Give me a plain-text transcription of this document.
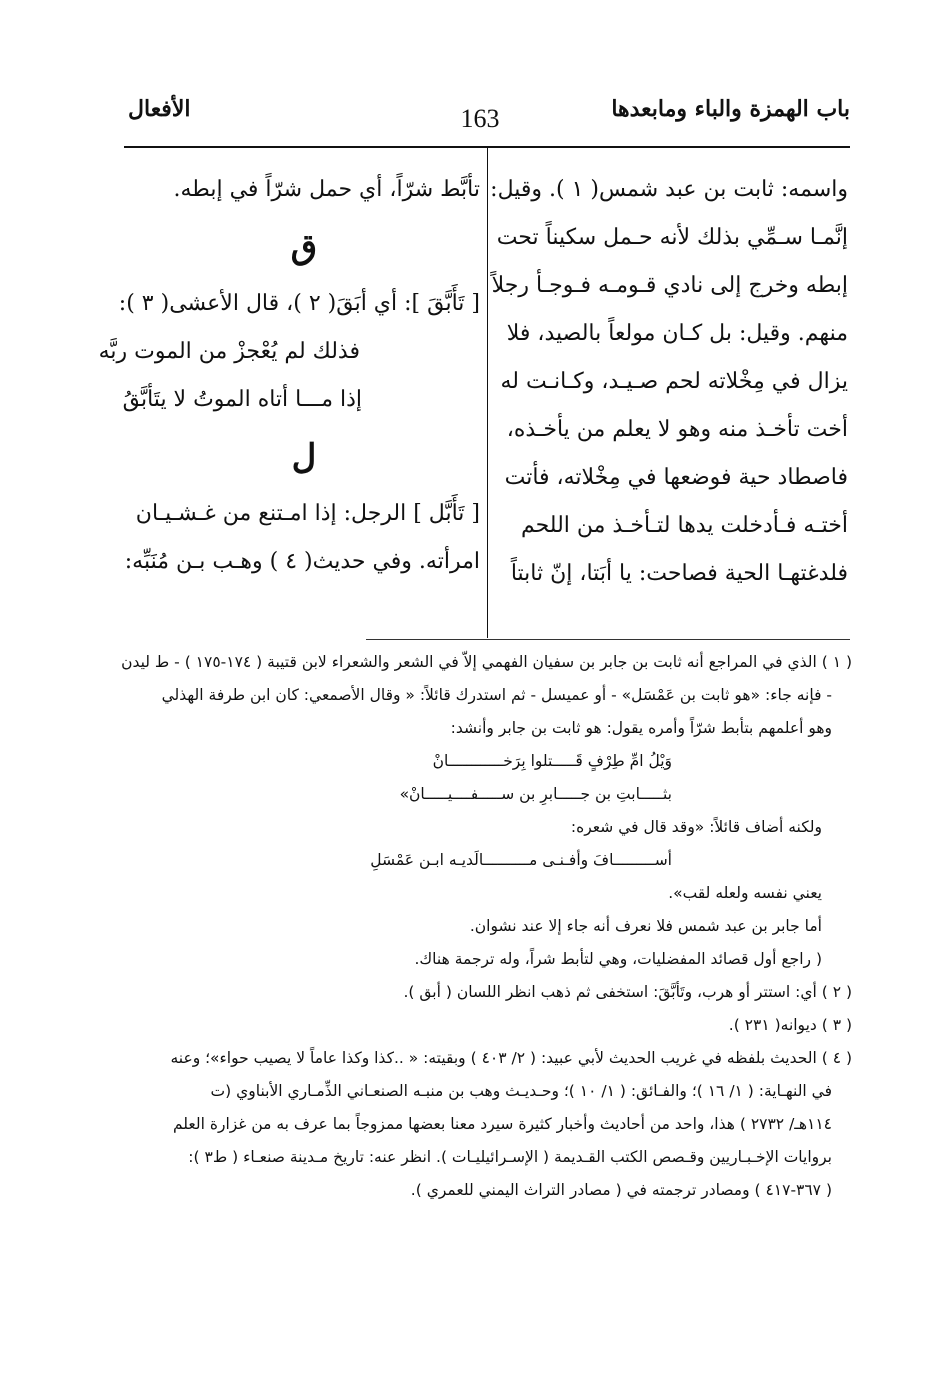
باب الهمزة والباء ومابعدها
163
الأفعال
واسمه: ثابت بن عبد شمس( ١ ). وقيل:
إنَّمـا سـمِّي بذلك لأنه حـمل سكيناً تحت
إبطه وخرج إلى نادي قـومـه فـوجـأ رجلاً
منهم. وقيل: بل كـان مولعاً بالصيد، فلا
يزال في مِخْلاته لحم صـيـد، وكـانـت له
أخت تأخـذ منه وهو لا يعلم من يأخـذه،
فاصطاد حية فوضعها في مِخْلاته، فأتت
أختـه فـأدخلت يدها لتـأخـذ من اللحم
فلدغتهـا الحية فصاحت: يا أبَتا، إنّ ثابتاً
تأبَّط شرّاً، أي حمل شرّاً في إبطه.
ق
[ تَأَبَّقَ ]: أي أبَقَ( ٢ )، قال الأعشى( ٣ ):
فذلك لم يُعْجزْ من الموت ربَّه
إذا مـــا أتاه الموتُ لا يتَأبَّقُ
ل
[ تَأَبَّل ] الرجل: إذا امـتنع من غـشـيـان
امرأته. وفي حديث( ٤ ) وهـب بـن مُنَبِّه:
( ١ ) الذي في المراجع أنه ثابت بن جابر بن سفيان الفهمي إلاّ في الشعر والشعراء لابن قتيبة ( ١٧٤-١٧٥ ) - ط ليدن
- فإنه جاء: «هو ثابت بن عَمْسَل» - أو عميسل - ثم استدرك قائلاً: « وقال الأصمعي: كان ابن طرفة الهذلي
وهو أعلمهم بتأبط شرّاً وأمره يقول: هو ثابت بن جابر وأنشد:
وَيْلُ امِّ طِرْفٍ قَـــــتلوا بِرَخــــــــــــانْ
بثـــــابتِ بن جـــــابرِ بن ســـــفــــيـــــانْ»
ولكنه أضاف قائلاً: «وقد قال في شعره:
أســـــــــافَ وأفـنـى مــــــــــالَديـه ابـن عَمْسَلِ
يعني نفسه ولعله لقب».
أما جابر بن عبد شمس فلا نعرف أنه جاء إلا عند نشوان.
( راجع أول قصائد المفضليات، وهي لتأبط شراً، وله ترجمة هناك.
( ٢ ) أي: استتر أو هرب، وتَأبَّقَ: استخفى ثم ذهب انظر اللسان ( أبق ).
( ٣ ) ديوانه( ٢٣١ ).
( ٤ ) الحديث بلفظه في غريب الحديث لأبي عبيد: ( ٢/ ٤٠٣ ) وبقيته: « ..كذا وكذا عاماً لا يصيب حواء»؛ وعنه
في النهـاية: ( ١/ ١٦ )؛ والفـائق: ( ١/ ١٠ )؛ وحـديـث وهب بن منبـه الصنعـاني الذِّمـاري الأبناوي (ت
١١٤هـ/ ٢٧٣٢ ) هذا، واحد من أحاديث وأخبار كثيرة سيرد معنا بعضها ممزوجاً بما عرف به من غزارة العلم
بروايات الإخـبـاريين وقـصص الكتب القـديمة ( الإسـرائيليـات ). انظر عنه: تاريخ مـدينة صنعـاء ( ط٣ ):
( ٣٦٧-٤١٧ ) ومصادر ترجمته في ( مصادر التراث اليمني للعمري ).
